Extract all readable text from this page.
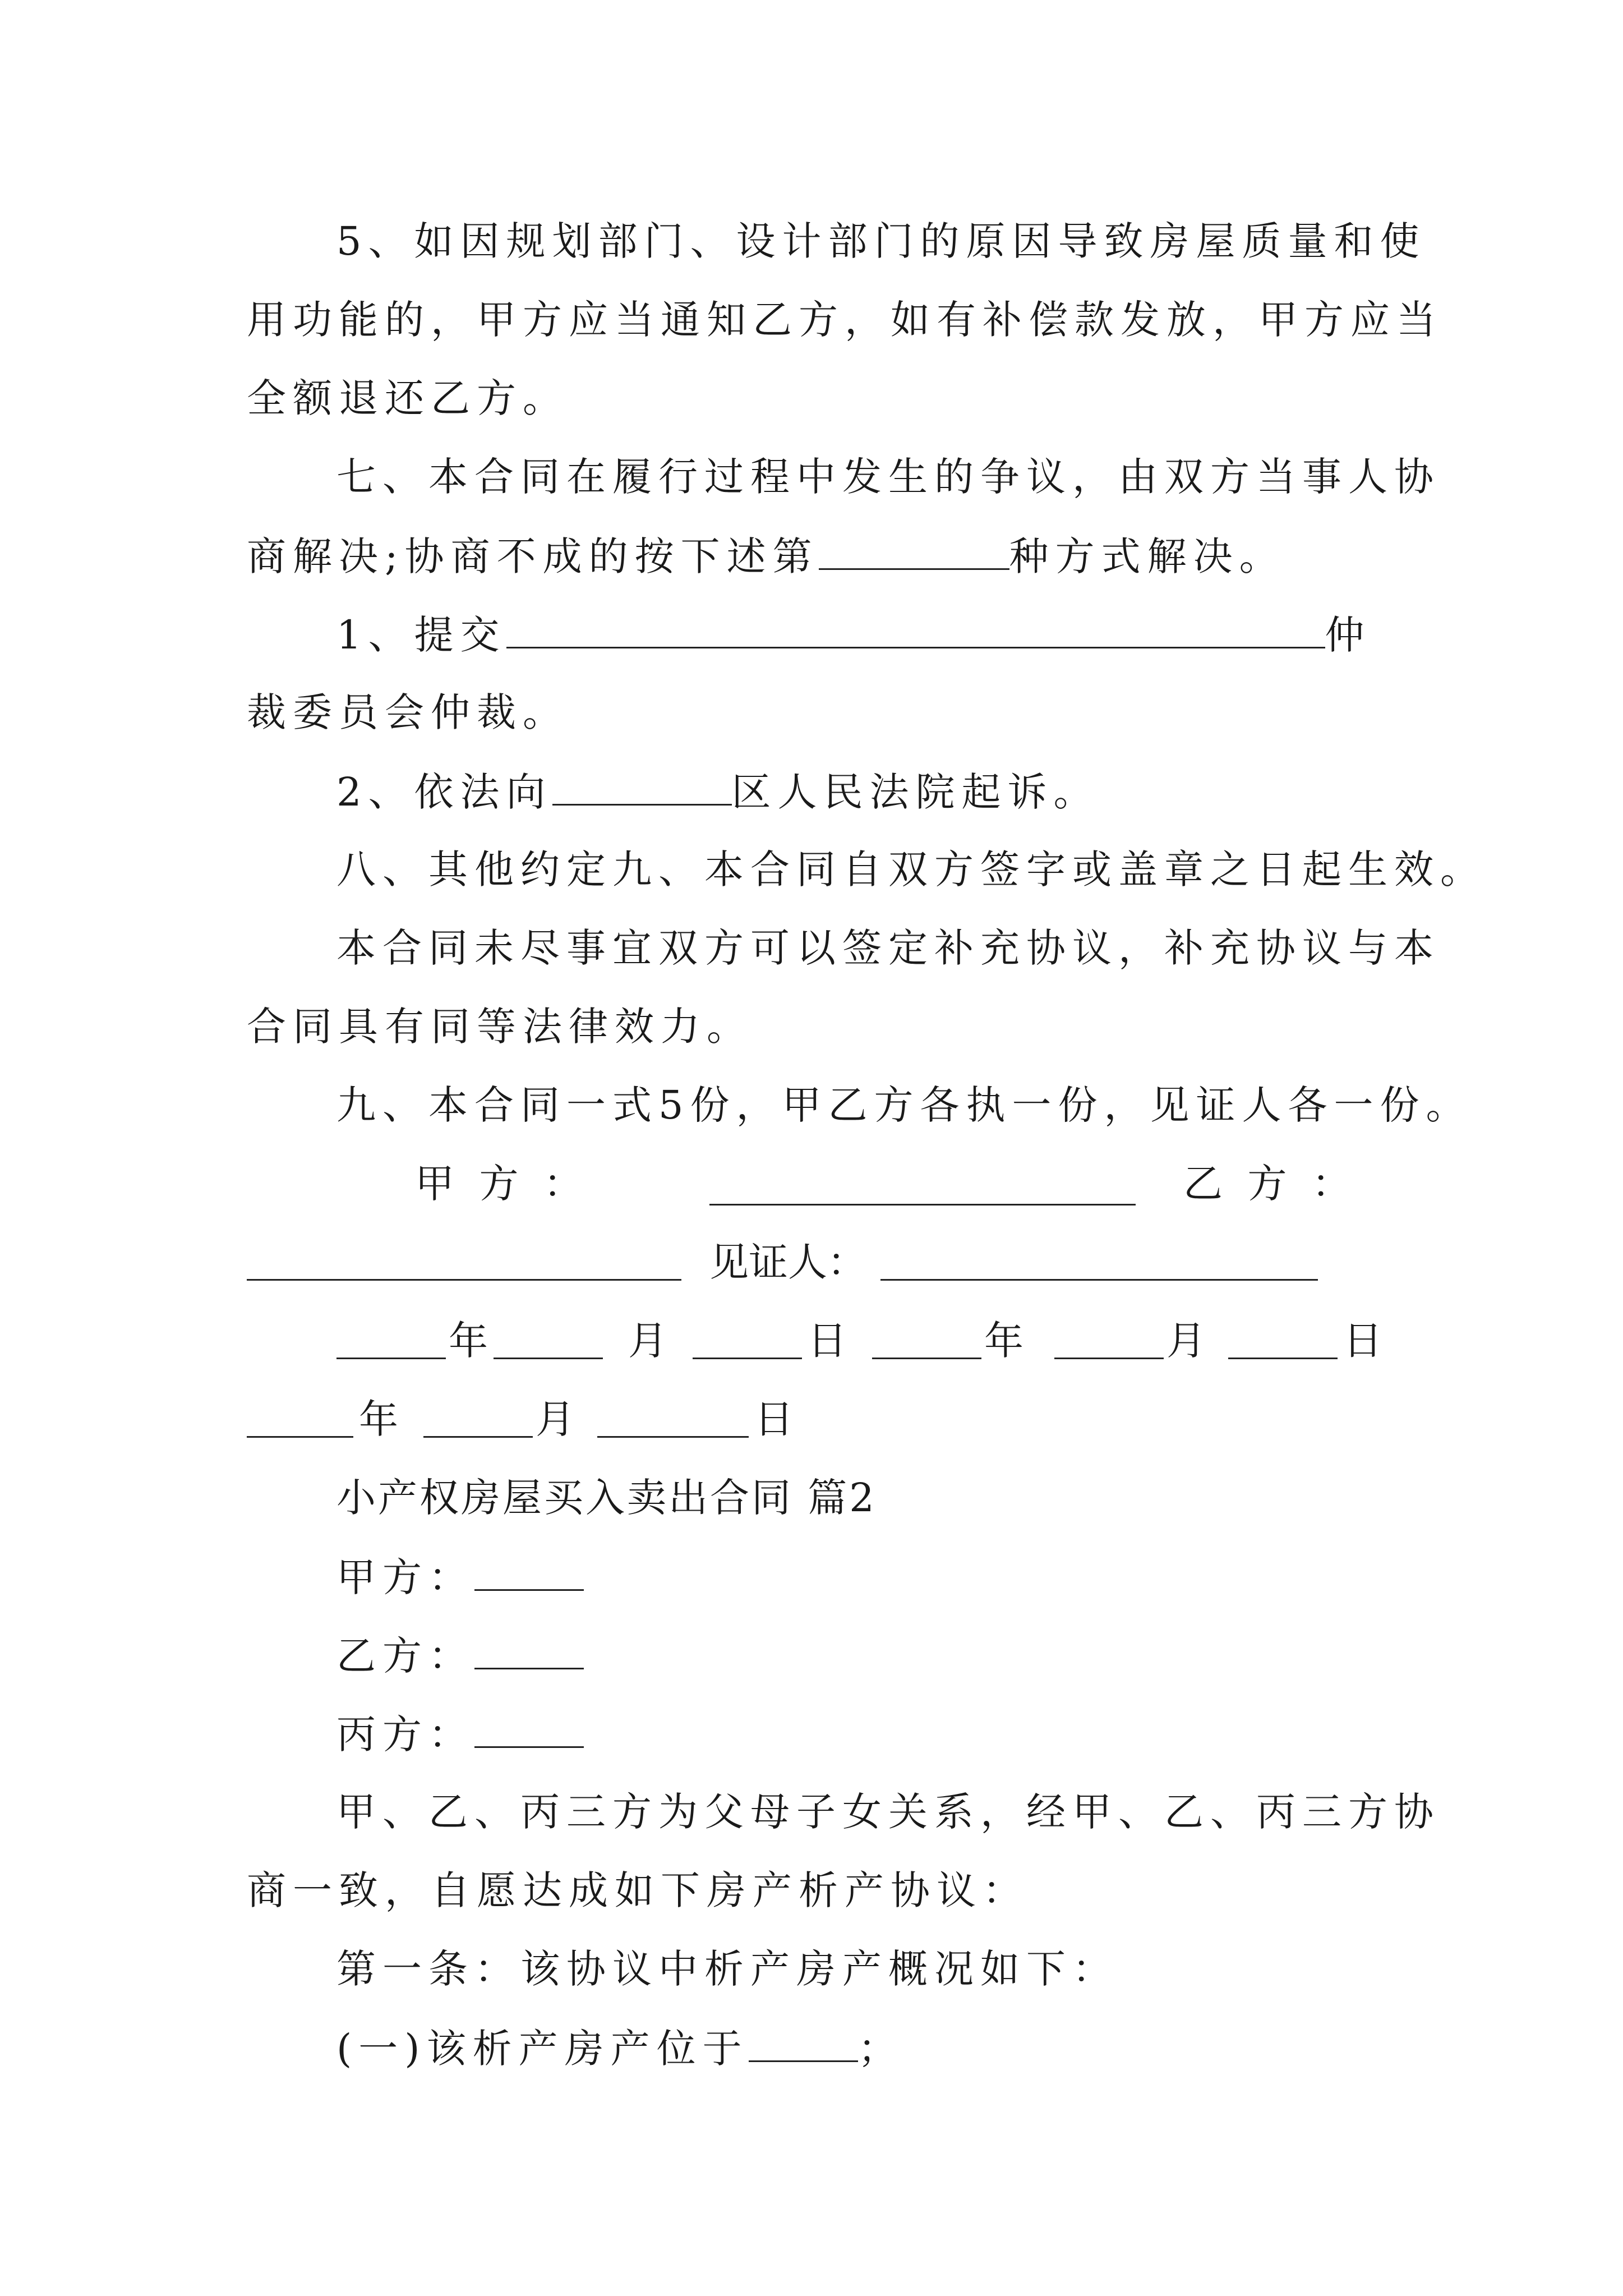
5、如因规划部门、设计部门的原因导致房屋质量和使
用功能的，甲方应当通知乙方，如有补偿款发放，甲方应当
全额退还乙方。
七、本合同在履行过程中发生的争议，由双方当事人协
商解决;协商不成的按下述第	种方式解决。
1、提交	仲
裁委员会仲裁。
2、依法向	区人民法院起诉。
八、其他约定九、本合同自双方签字或盖章之日起生效。
本合同未尽事宜双方可以签定补充协议，补充协议与本
合同具有同等法律效力。
九、本合同一式5份，甲乙方各执一份，见证人各一份。
甲  方  ：	乙  方  ：
见证人：
年	月	日	年	月	日
年	月	日
小产权房屋买入卖出合同 篇2
甲方：
乙方：
丙方：
甲、乙、丙三方为父母子女关系，经甲、乙、丙三方协
商一致，自愿达成如下房产析产协议：
第一条：该协议中析产房产概况如下：
(一)该析产房产位于	；
